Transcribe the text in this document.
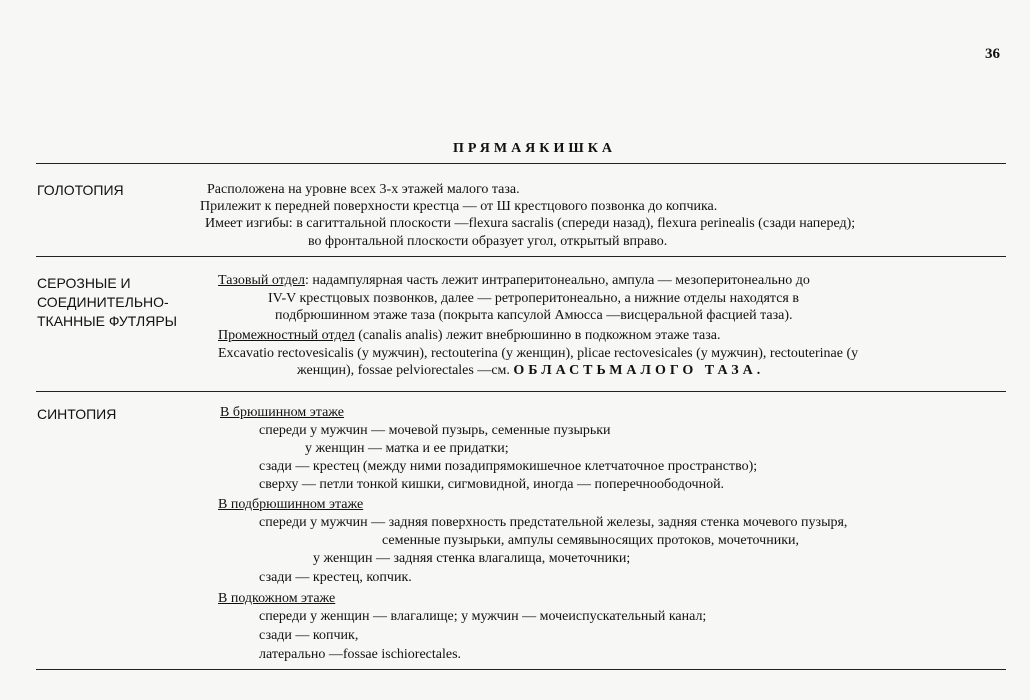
36
ПРЯМАЯКИШКА
ГОЛОТОПИЯ	Расположена на уровне всех 3-х этажей малого таза.
Прилежит к передней поверхности крестца — от Ш крестцового позвонка до копчика.
Имеет изгибы: в сагиттальной плоскости —flexura sacralis (спереди назад), flexura perinealis (сзади наперед);
во фронтальной плоскости образует угол, открытый вправо.
СЕРОЗНЫЕ И
СОЕДИНИТЕЛЬНО-
ТКАННЫЕ ФУТЛЯРЫ
Тазовый отдел: надампулярная часть лежит интраперитонеально, ампула — мезоперитонеально до
IV-V крестцовых позвонков, далее — ретроперитонеально, а нижние отделы находятся в
подбрюшинном этаже таза (покрыта капсулой Амюсса —висцеральной фасцией таза).
Промежностный отдел (canalis analis) лежит внебрюшинно в подкожном этаже таза.
Excavatio rectovesicalis (у мужчин), rectouterina (у женщин), plicae rectovesicales (у мужчин), rectouterinae (у
женщин), fossae pelviorectales —см. ОБЛАСТЬМАЛОГО ТАЗА.
СИНТОПИЯ	В брюшинном этаже
спереди у мужчин — мочевой пузырь, семенные пузырьки
у женщин — матка и ее придатки;
сзади — крестец (между ними позадипрямокишечное клетчаточное пространство);
сверху — петли тонкой кишки, сигмовидной, иногда — поперечноободочной.
В подбрюшинном этаже
спереди у мужчин — задняя поверхность предстательной железы, задняя стенка мочевого пузыря,
семенные пузырьки, ампулы семявыносящих протоков, мочеточники,
у женщин — задняя стенка влагалища, мочеточники;
сзади — крестец, копчик.
В подкожном этаже
спереди у женщин — влагалище; у мужчин — мочеиспускательный канал;
сзади — копчик,
латерально —fossae ischiorectales.
